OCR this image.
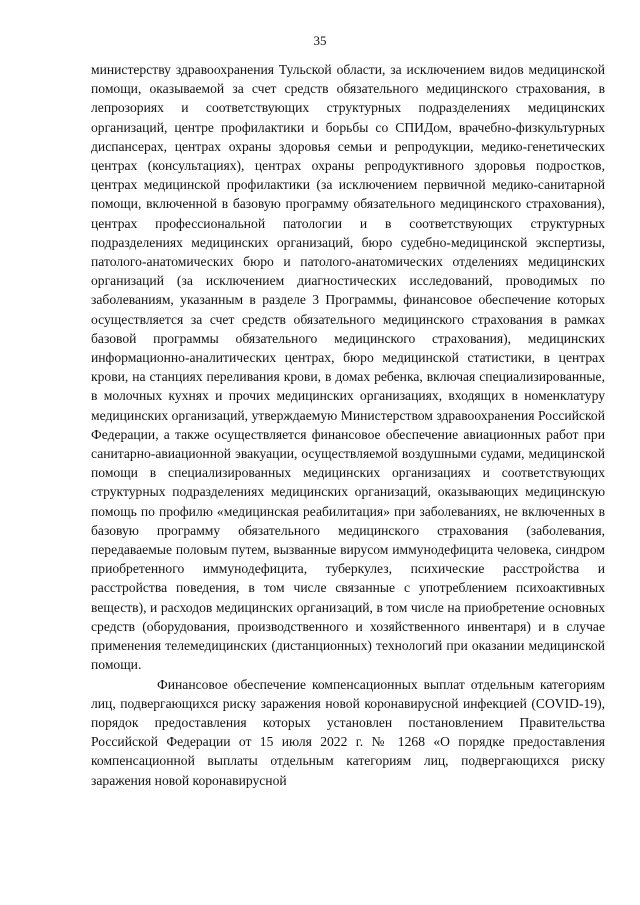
35

министерству здравоохранения Тульской области, за исключением видов медицинской помощи, оказываемой за счет средств обязательного медицинского страхования, в лепрозориях и соответствующих структурных подразделениях медицинских организаций, центре профилактики и борьбы со СПИДом, врачебно-физкультурных диспансерах, центрах охраны здоровья семьи и репродукции, медико-генетических центрах (консультациях), центрах охраны репродуктивного здоровья подростков, центрах медицинской профилактики (за исключением первичной медико-санитарной помощи, включенной в базовую программу обязательного медицинского страхования), центрах профессиональной патологии и в соответствующих структурных подразделениях медицинских организаций, бюро судебно-медицинской экспертизы, патолого-анатомических бюро и патолого-анатомических отделениях медицинских организаций (за исключением диагностических исследований, проводимых по заболеваниям, указанным в разделе 3 Программы, финансовое обеспечение которых осуществляется за счет средств обязательного медицинского страхования в рамках базовой программы обязательного медицинского страхования), медицинских информационно-аналитических центрах, бюро медицинской статистики, в центрах крови, на станциях переливания крови, в домах ребенка, включая специализированные, в молочных кухнях и прочих медицинских организациях, входящих в номенклатуру медицинских организаций, утверждаемую Министерством здравоохранения Российской Федерации, а также осуществляется финансовое обеспечение авиационных работ при санитарно-авиационной эвакуации, осуществляемой воздушными судами, медицинской помощи в специализированных медицинских организациях и соответствующих структурных подразделениях медицинских организаций, оказывающих медицинскую помощь по профилю «медицинская реабилитация» при заболеваниях, не включенных в базовую программу обязательного медицинского страхования (заболевания, передаваемые половым путем, вызванные вирусом иммунодефицита человека, синдром приобретенного иммунодефицита, туберкулез, психические расстройства и расстройства поведения, в том числе связанные с употреблением психоактивных веществ), и расходов медицинских организаций, в том числе на приобретение основных средств (оборудования, производственного и хозяйственного инвентаря) и в случае применения телемедицинских (дистанционных) технологий при оказании медицинской помощи.

Финансовое обеспечение компенсационных выплат отдельным категориям лиц, подвергающихся риску заражения новой коронавирусной инфекцией (COVID-19), порядок предоставления которых установлен постановлением Правительства Российской Федерации от 15 июля 2022 г. № 1268 «О порядке предоставления компенсационной выплаты отдельным категориям лиц, подвергающихся риску заражения новой коронавирусной
